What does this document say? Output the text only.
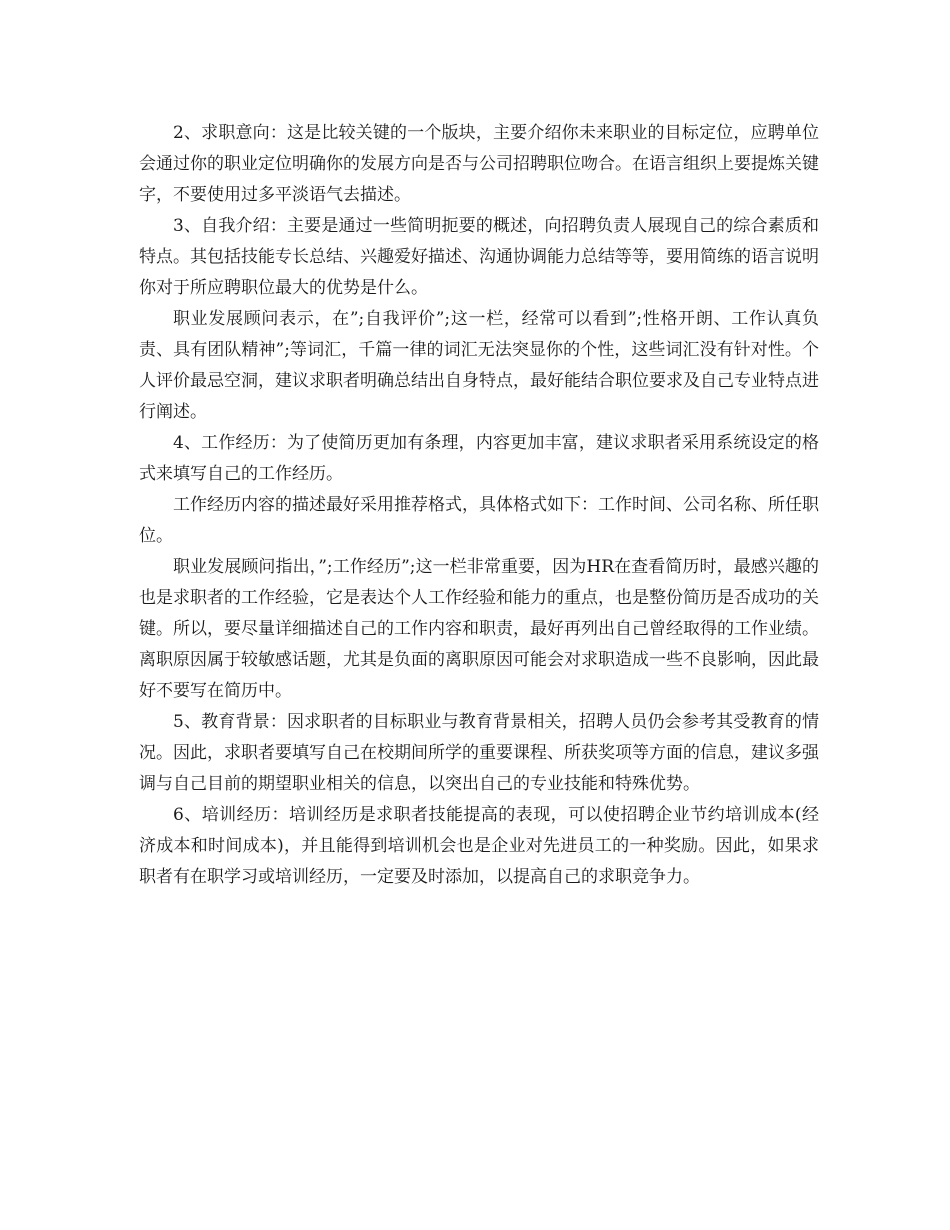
2、求职意向：这是比较关键的一个版块，主要介绍你未来职业的目标定位，应聘单位会通过你的职业定位明确你的发展方向是否与公司招聘职位吻合。在语言组织上要提炼关键字，不要使用过多平淡语气去描述。

3、自我介绍：主要是通过一些简明扼要的概述，向招聘负责人展现自己的综合素质和特点。其包括技能专长总结、兴趣爱好描述、沟通协调能力总结等等，要用简练的语言说明你对于所应聘职位最大的优势是什么。

职业发展顾问表示，在”;自我评价”;这一栏，经常可以看到”;性格开朗、工作认真负责、具有团队精神”;等词汇，千篇一律的词汇无法突显你的个性，这些词汇没有针对性。个人评价最忌空洞，建议求职者明确总结出自身特点，最好能结合职位要求及自己专业特点进行阐述。

4、工作经历：为了使简历更加有条理，内容更加丰富，建议求职者采用系统设定的格式来填写自己的工作经历。

工作经历内容的描述最好采用推荐格式，具体格式如下：工作时间、公司名称、所任职位。

职业发展顾问指出，”;工作经历”;这一栏非常重要，因为HR在查看简历时，最感兴趣的也是求职者的工作经验，它是表达个人工作经验和能力的重点，也是整份简历是否成功的关键。所以，要尽量详细描述自己的工作内容和职责，最好再列出自己曾经取得的工作业绩。离职原因属于较敏感话题，尤其是负面的离职原因可能会对求职造成一些不良影响，因此最好不要写在简历中。

5、教育背景：因求职者的目标职业与教育背景相关，招聘人员仍会参考其受教育的情况。因此，求职者要填写自己在校期间所学的重要课程、所获奖项等方面的信息，建议多强调与自己目前的期望职业相关的信息，以突出自己的专业技能和特殊优势。

6、培训经历：培训经历是求职者技能提高的表现，可以使招聘企业节约培训成本(经济成本和时间成本)，并且能得到培训机会也是企业对先进员工的一种奖励。因此，如果求职者有在职学习或培训经历，一定要及时添加，以提高自己的求职竞争力。
